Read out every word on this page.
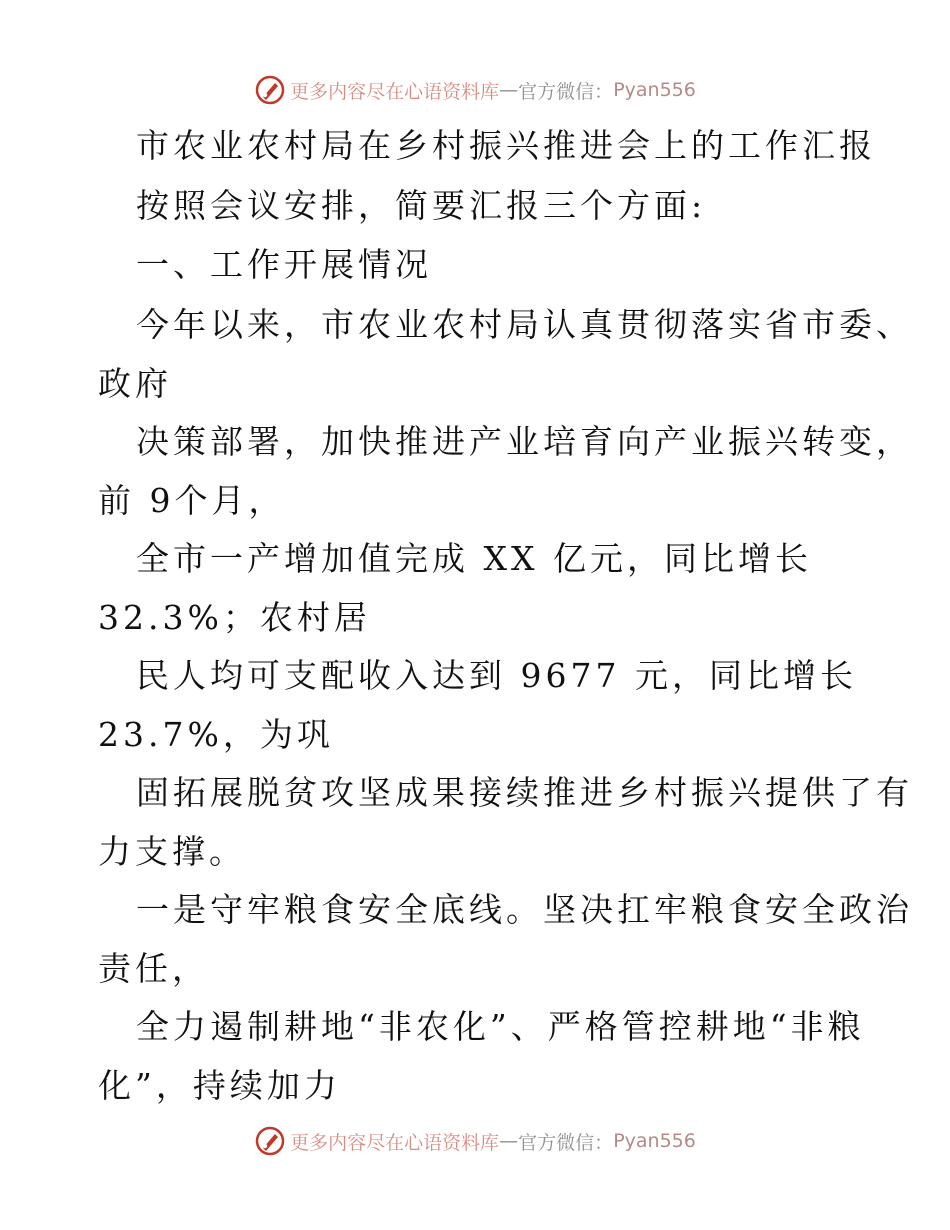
更多内容尽在心语资料库 — 官方微信： Pyan556
市农业农村局在乡村振兴推进会上的工作汇报
按照会议安排，简要汇报三个方面:
一、工作开展情况
今年以来，市农业农村局认真贯彻落实省市委、
政府
决策部署，加快推进产业培育向产业振兴转变，
前 9个月，
全市一产增加值完成 XX 亿元，同比增长
32.3%；农村居
民人均可支配收入达到 9677 元，同比增长
23.7%，为巩
固拓展脱贫攻坚成果接续推进乡村振兴提供了有
力支撑。
一是守牢粮食安全底线。坚决扛牢粮食安全政治
责任，
全力遏制耕地“非农化”、严格管控耕地“非粮
化”，持续加力
更多内容尽在心语资料库 — 官方微信： Pyan556
